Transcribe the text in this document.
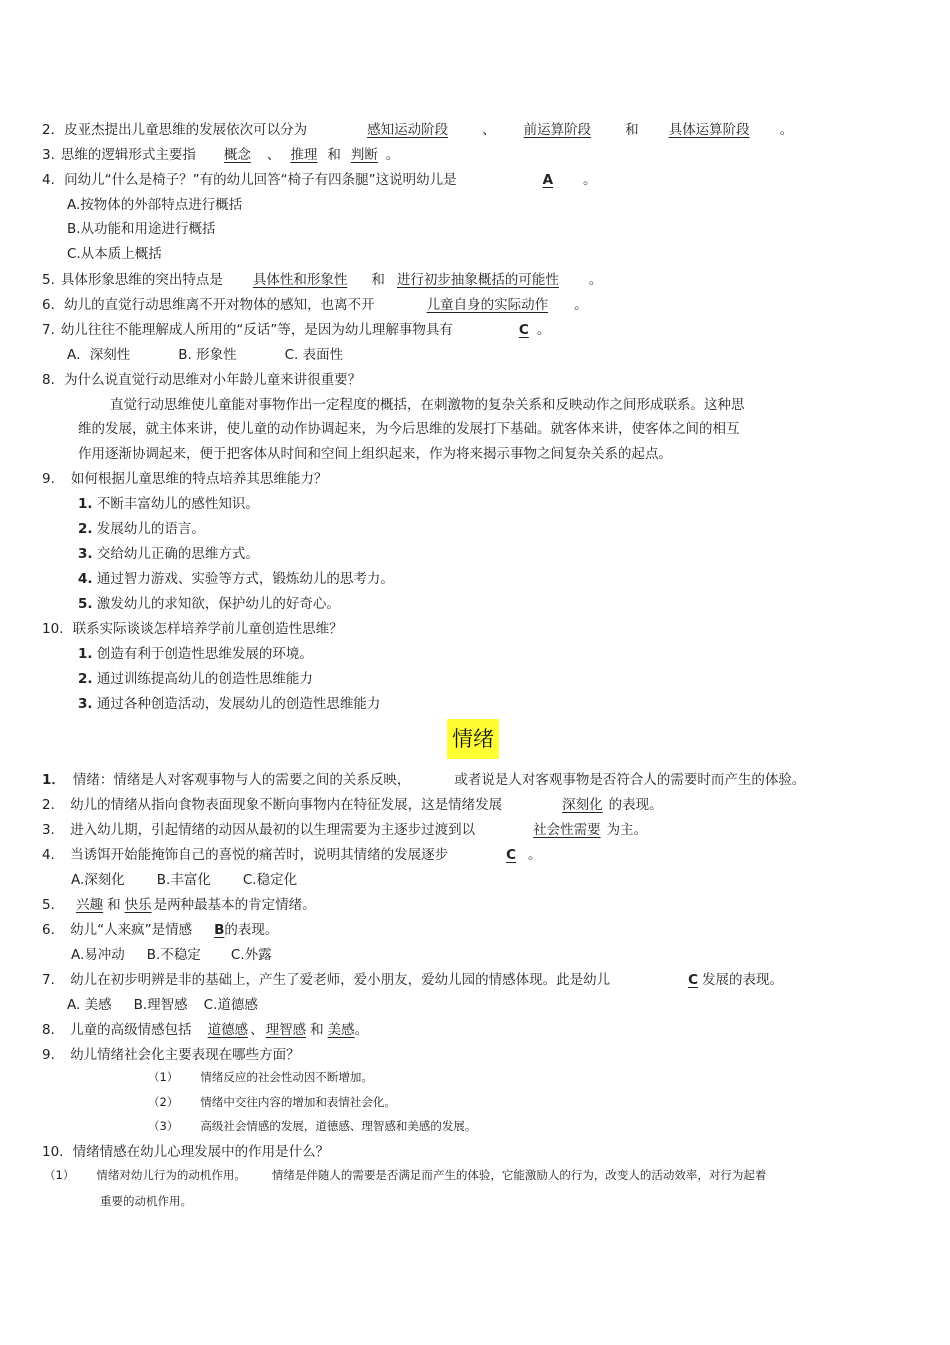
2．皮亚杰提出儿童思维的发展依次可以分为	感知运动阶段	、 前运算阶段	和 具体运算阶段 。
3. 思维的逻辑形式主要指 概念 、 推理 和 判断 。
4．问幼儿“什么是椅子？”有的幼儿回答“椅子有四条腿”这说明幼儿是	A 。
A.按物体的外部特点进行概括
B.从功能和用途进行概括
C.从本质上概括
5. 具体形象思维的突出特点是 具体性和形象性 和 进行初步抽象概括的可能性 。
6．幼儿的直觉行动思维离不开对物体的感知，也离不开	儿童自身的实际动作 。
7. 幼儿往往不能理解成人所用的“反话”等，是因为幼儿理解事物具有	C 。
A．深刻性	B. 形象性	C. 表面性
8．为什么说直觉行动思维对小年龄儿童来讲很重要？
直觉行动思维使儿童能对事物作出一定程度的概括，在刺激物的复杂关系和反映动作之间形成联系。这种思
维的发展，就主体来讲，使儿童的动作协调起来，为今后思维的发展打下基础。就客体来讲，使客体之间的相互
作用逐渐协调起来，便于把客体从时间和空间上组织起来，作为将来揭示事物之间复杂关系的起点。
9. 如何根据儿童思维的特点培养其思维能力？
1. 不断丰富幼儿的感性知识。
2. 发展幼儿的语言。
3. 交给幼儿正确的思维方式。
4. 通过智力游戏、实验等方式，锻炼幼儿的思考力。
5. 激发幼儿的求知欲，保护幼儿的好奇心。
10．联系实际谈谈怎样培养学前儿童创造性思维？
1. 创造有利于创造性思维发展的环境。
2. 通过训练提高幼儿的创造性思维能力
3. 通过各种创造活动，发展幼儿的创造性思维能力
情绪
1． 情绪：情绪是人对客观事物与人的需要之间的关系反映，	或者说是人对客观事物是否符合人的需要时而产生的体验。
2． 幼儿的情绪从指向食物表面现象不断向事物内在特征发展，这是情绪发展	深刻化 的表现。
3． 进入幼儿期，引起情绪的动因从最初的以生理需要为主逐步过渡到以	社会性需要 为主。
4． 当诱饵开始能掩饰自己的喜悦的痛苦时，说明其情绪的发展逐步	C 。
A.深刻化 B.丰富化 C.稳定化
5． 兴趣 和 快乐 是两种最基本的肯定情绪。
6． 幼儿“人来疯”是情感 B的表现。
A.易冲动 B.不稳定 C.外露
7． 幼儿在初步明辨是非的基础上，产生了爱老师，爱小朋友，爱幼儿园的情感体现。此是幼儿	C 发展的表现。
A. 美感 B.理智感 C.道德感
8． 儿童的高级情感包括 道德感 、 理智感 和 美感。
9． 幼儿情绪社会化主要表现在哪些方面？
（1） 情绪反应的社会性动因不断增加。
（2） 情绪中交往内容的增加和表情社会化。
（3） 高级社会情感的发展，道德感、理智感和美感的发展。
10．情绪情感在幼儿心理发展中的作用是什么？
（1） 情绪对幼儿行为的动机作用。 情绪是伴随人的需要是否满足而产生的体验，它能激励人的行为，改变人的活动效率，对行为起着
重要的动机作用。
